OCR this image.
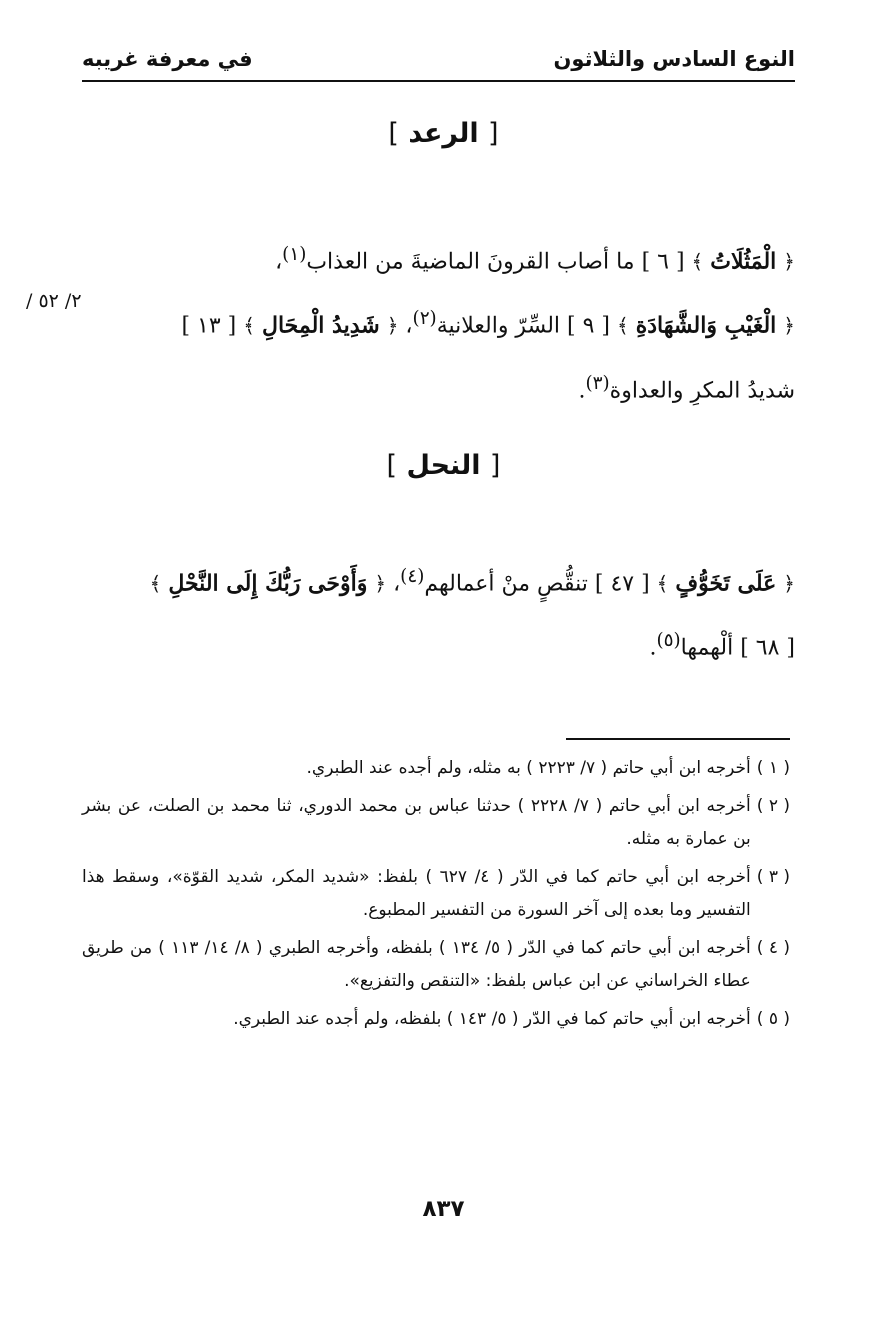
النوع السادس والثلاثون
في معرفة غريبه
[ الرعد ]

﴿ الْمَثُلَاتُ ﴾ [ ٦ ] ما أصاب القرونَ الماضيةَ من العذاب$^{(١)}$،

﴿ الْغَيْبِ وَالشَّهَادَةِ ﴾ [ ٩ ] السِّرّ والعلانية$^{(٢)}$، ﴿ شَدِيدُ الْمِحَالِ ﴾ [ ١٣ ]

شديدُ المكرِ والعداوة$^{(٣)}$.

/ ٢/ ٥٢
[ النحل ]

﴿ عَلَى تَخَوُّفٍ ﴾ [ ٤٧ ] تنقُّصٍ منْ أعمالهم$^{(٤)}$، ﴿ وَأَوْحَى رَبُّكَ إِلَى النَّحْلِ ﴾

[ ٦٨ ] ألْهمها$^{(٥)}$.

( ١ )
أخرجه ابن أبي حاتم ( ٧/ ٢٢٢٣ ) به مثله، ولم أجده عند الطبري.
( ٢ )
أخرجه ابن أبي حاتم ( ٧/ ٢٢٢٨ ) حدثنا عباس بن محمد الدوري، ثنا محمد بن الصلت، عن بشر بن عمارة به مثله.
( ٣ )
أخرجه ابن أبي حاتم كما في الدّر ( ٤/ ٦٢٧ ) بلفظ: «شديد المكر، شديد القوّة»، وسقط هذا التفسير وما بعده إلى آخر السورة من التفسير المطبوع.
( ٤ )
أخرجه ابن أبي حاتم كما في الدّر ( ٥/ ١٣٤ ) بلفظه، وأخرجه الطبري ( ٨/ ١٤/ ١١٣ ) من طريق عطاء الخراساني عن ابن عباس بلفظ: «التنقص والتفزيع».
( ٥ )
أخرجه ابن أبي حاتم كما في الدّر ( ٥/ ١٤٣ ) بلفظه، ولم أجده عند الطبري.
٨٣٧
